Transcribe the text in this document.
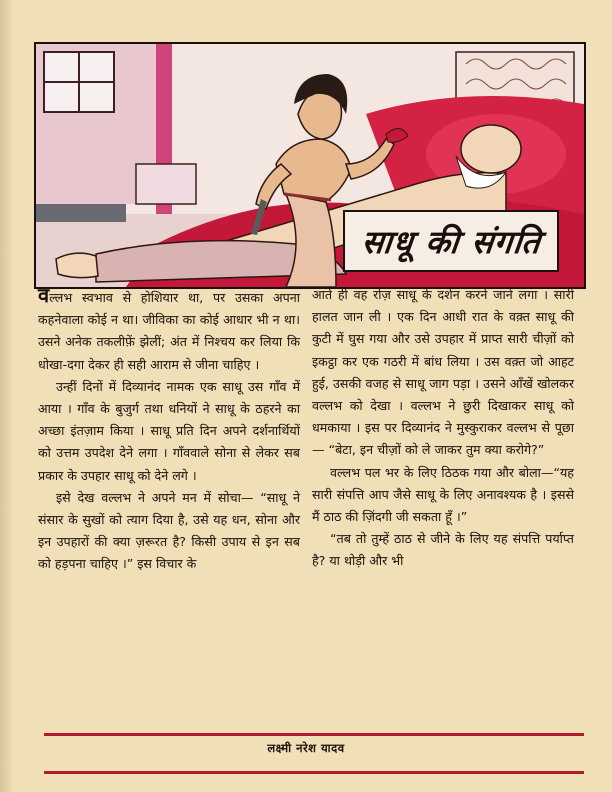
साधू की संगति

वल्लभ स्वभाव से होशियार था, पर उसका अपना कहनेवाला कोई न था। जीविका का कोई आधार भी न था। उसने अनेक तकलीफ़ें झेलीं; अंत में निश्चय कर लिया कि धोखा-दगा देकर ही सही आराम से जीना चाहिए ।

उन्हीं दिनों में दिव्यानंद नामक एक साधू उस गाँव में आया । गाँव के बुजुर्ग तथा धनियों ने साधू के ठहरने का अच्छा इंतज़ाम किया । साधू प्रति दिन अपने दर्शनार्थियों को उत्तम उपदेश देने लगा । गाँववाले सोना से लेकर सब प्रकार के उपहार साधू को देने लगे ।

इसे देख वल्लभ ने अपने मन में सोचा— “साधू ने संसार के सुखों को त्याग दिया है, उसे यह धन, सोना और इन उपहारों की क्या ज़रूरत है? किसी उपाय से इन सब को हड़पना चाहिए ।” इस विचार के

आते ही वह रोज़ साधू के दर्शन करने जाने लगा । सारी हालत जान ली । एक दिन आधी रात के वक़्त साधू की कुटी में घुस गया और उसे उपहार में प्राप्त सारी चीज़ों को इकट्ठा कर एक गठरी में बांध लिया । उस वक़्त जो आहट हुई, उसकी वजह से साधू जाग पड़ा । उसने आँखें खोलकर वल्लभ को देखा । वल्लभ ने छुरी दिखाकर साधू को धमकाया । इस पर दिव्यानंद ने मुस्कुराकर वल्लभ से पूछा— “बेटा, इन चीज़ों को ले जाकर तुम क्या करोगे?”

वल्लभ पल भर के लिए ठिठक गया और बोला—“यह सारी संपत्ति आप जैसे साधू के लिए अनावश्यक है । इससे मैं ठाठ की ज़िंदगी जी सकता हूँ ।”

“तब तो तुम्हें ठाठ से जीने के लिए यह संपत्ति पर्याप्त है? या थोड़ी और भी

लक्ष्मी नरेश यादव
